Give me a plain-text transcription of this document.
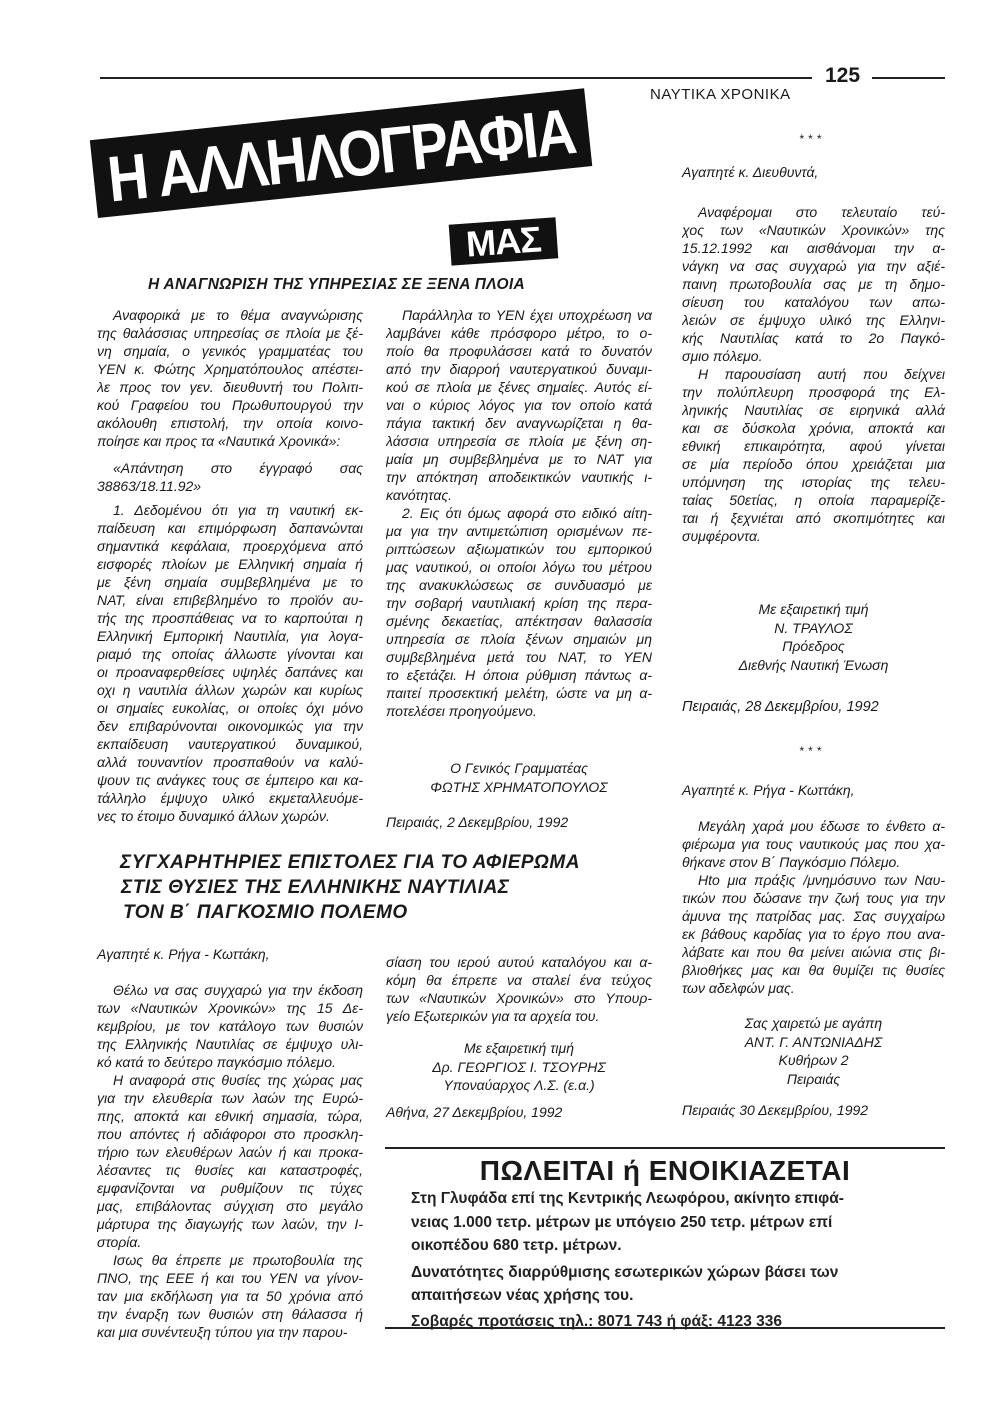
125
ΝΑΥΤΙΚΑ ΧΡΟΝΙΚΑ
Η ΑΛΛΗΛΟΓΡΑΦΙΑ
ΜΑΣ
Η ΑΝΑΓΝΩΡΙΣΗ ΤΗΣ ΥΠΗΡΕΣΙΑΣ ΣΕ ΞΕΝΑ ΠΛΟΙΑ
Αναφορικά με το θέμα αναγνώρισης
της θαλάσσιας υπηρεσίας σε πλοία με ξέ-
νη σημαία, ο γενικός γραμματέας του
ΥΕΝ κ. Φώτης Χρηματόπουλος απέστει-
λε προς τον γεν. διευθυντή του Πολιτι-
κού Γραφείου του Πρωθυπουργού την
ακόλουθη επιστολή, την οποία κοινο-
ποίησε και προς τα «Ναυτικά Χρονικά»:
«Απάντηση στο έγγραφό σας
38863/18.11.92»
1. Δεδομένου ότι για τη ναυτική εκ-
παίδευση και επιμόρφωση δαπανώνται
σημαντικά κεφάλαια, προερχόμενα από
εισφορές πλοίων με Ελληνική σημαία ή
με ξένη σημαία συμβεβλημένα με το
ΝΑΤ, είναι επιβεβλημένο το προϊόν αυ-
τής της προσπάθειας να το καρπούται η
Ελληνική Εμπορική Ναυτιλία, για λογα-
ριαμό της οποίας άλλωστε γίνονται και
οι προαναφερθείσες υψηλές δαπάνες και
οχι η ναυτιλία άλλων χωρών και κυρίως
οι σημαίες ευκολίας, οι οποίες όχι μόνο
δεν επιβαρύνονται οικονομικώς για την
εκπαίδευση ναυτεργατικού δυναμικού,
αλλά τουναντίον προσπαθούν να καλύ-
ψουν τις ανάγκες τους σε έμπειρο και κα-
τάλληλο έμψυχο υλικό εκμεταλλευόμε-
νες το έτοιμο δυναμικό άλλων χωρών.
Παράλληλα το ΥΕΝ έχει υποχρέωση να
λαμβάνει κάθε πρόσφορο μέτρο, το ο-
ποίο θα προφυλάσσει κατά το δυνατόν
από την διαρροή ναυτεργατικού δυναμι-
κού σε πλοία με ξένες σημαίες. Αυτός εί-
ναι ο κύριος λόγος για τον οποίο κατά
πάγια τακτική δεν αναγνωρίζεται η θα-
λάσσια υπηρεσία σε πλοία με ξένη ση-
μαία μη συμβεβλημένα με το ΝΑΤ για
την απόκτηση αποδεικτικών ναυτικής ι-
κανότητας.
2. Εις ότι όμως αφορά στο ειδικό αίτη-
μα για την αντιμετώπιση ορισμένων πε-
ριπτώσεων αξιωματικών του εμπορικού
μας ναυτικού, οι οποίοι λόγω του μέτρου
της ανακυκλώσεως σε συνδυασμό με
την σοβαρή ναυτιλιακή κρίση της περα-
σμένης δεκαετίας, απέκτησαν θαλασσία
υπηρεσία σε πλοία ξένων σημαιών μη
συμβεβλημένα μετά του ΝΑΤ, το ΥΕΝ
το εξετάζει. Η όποια ρύθμιση πάντως α-
παιτεί προσεκτική μελέτη, ώστε να μη α-
ποτελέσει προηγούμενο.
Ο Γενικός Γραμματέας
ΦΩΤΗΣ ΧΡΗΜΑΤΟΠΟΥΛΟΣ
Πειραιάς, 2 Δεκεμβρίου, 1992
***
Αγαπητέ κ. Διευθυντά,
Αναφέρομαι στο τελευταίο τεύ-
χος των «Ναυτικών Χρονικών» της
15.12.1992 και αισθάνομαι την α-
νάγκη να σας συγχαρώ για την αξιέ-
παινη πρωτοβουλία σας με τη δημο-
σίευση του καταλόγου των απω-
λειών σε έμψυχο υλικό της Ελληνι-
κής Ναυτιλίας κατά το 2ο Παγκό-
σμιο πόλεμο.
Η παρουσίαση αυτή που δείχνει
την πολύπλευρη προσφορά της Ελ-
ληνικής Ναυτιλίας σε ειρηνικά αλλά
και σε δύσκολα χρόνια, αποκτά και
εθνική επικαιρότητα, αφού γίνεται
σε μία περίοδο όπου χρειάζεται μια
υπόμνηση της ιστορίας της τελευ-
ταίας 50ετίας, η οποία παραμερίζε-
ται ή ξεχνιέται από σκοπιμότητες και
συμφέροντα.
Με εξαιρετική τιμή
Ν. ΤΡΑΥΛΟΣ
Πρόεδρος
Διεθνής Ναυτική Ένωση
Πειραιάς, 28 Δεκεμβρίου, 1992
ΣΥΓΧΑΡΗΤΗΡΙΕΣ ΕΠΙΣΤΟΛΕΣ ΓΙΑ ΤΟ ΑΦΙΕΡΩΜΑ
ΣΤΙΣ ΘΥΣΙΕΣ ΤΗΣ ΕΛΛΗΝΙΚΗΣ ΝΑΥΤΙΛΙΑΣ
ΤΟΝ Β΄ ΠΑΓΚΟΣΜΙΟ ΠΟΛΕΜΟ
Αγαπητέ κ. Ρήγα - Κωττάκη,
Θέλω να σας συγχαρώ για την έκδοση
των «Ναυτικών Χρονικών» της 15 Δε-
κεμβρίου, με τον κατάλογο των θυσιών
της Ελληνικής Ναυτιλίας σε έμψυχο υλι-
κό κατά το δεύτερο παγκόσμιο πόλεμο.
Η αναφορά στις θυσίες της χώρας μας
για την ελευθερία των λαών της Ευρώ-
πης, αποκτά και εθνική σημασία, τώρα,
που απόντες ή αδιάφοροι στο προσκλη-
τήριο των ελευθέρων λαών ή και προκα-
λέσαντες τις θυσίες και καταστροφές,
εμφανίζονται να ρυθμίζουν τις τύχες
μας, επιβάλοντας σύγχιση στο μεγάλο
μάρτυρα της διαγωγής των λαών, την Ι-
στορία.
Ισως θα έπρεπε με πρωτοβουλία της
ΠΝΟ, της ΕΕΕ ή και του ΥΕΝ να γίνον-
ταν μια εκδήλωση για τα 50 χρόνια από
την έναρξη των θυσιών στη θάλασσα ή
και μια συνέντευξη τύπου για την παρου-
σίαση του ιερού αυτού καταλόγου και α-
κόμη θα έπρεπε να σταλεί ένα τεύχος
των «Ναυτικών Χρονικών» στο Υπουρ-
γείο Εξωτερικών για τα αρχεία του.
Με εξαιρετική τιμή
Δρ. ΓΕΩΡΓΙΟΣ Ι. ΤΣΟΥΡΗΣ
Υποναύαρχος Λ.Σ. (ε.α.)
Αθήνα, 27 Δεκεμβρίου, 1992
***
Αγαπητέ κ. Ρήγα - Κωττάκη,
Μεγάλη χαρά μου έδωσε το ένθετο α-
φιέρωμα για τους ναυτικούς μας που χα-
θήκανε στον Β΄ Παγκόσμιο Πόλεμο.
Ηto μια πράξις /μνημόσυνο των Ναυ-
τικών που δώσανε την ζωή τους για την
άμυνα της πατρίδας μας. Σας συγχαίρω
εκ βάθους καρδίας για το έργο που ανα-
λάβατε και που θα μείνει αιώνια στις βι-
βλιοθήκες μας και θα θυμίζει τις θυσίες
των αδελφών μας.
Σας χαιρετώ με αγάπη
ΑΝΤ. Γ. ΑΝΤΩΝΙΑΔΗΣ
Κυθήρων 2
Πειραιάς
Πειραιάς 30 Δεκεμβρίου, 1992
ΠΩΛΕΙΤΑΙ ή ΕΝΟΙΚΙΑΖΕΤΑΙ
Στη Γλυφάδα επί της Κεντρικής Λεωφόρου, ακίνητο επιφά-
νειας 1.000 τετρ. μέτρων με υπόγειο 250 τετρ. μέτρων επί
οικοπέδου 680 τετρ. μέτρων.
Δυνατότητες διαρρύθμισης εσωτερικών χώρων βάσει των
απαιτήσεων νέας χρήσης του.
Σοβαρές προτάσεις τηλ.: 8071 743 ή φάξ: 4123 336
